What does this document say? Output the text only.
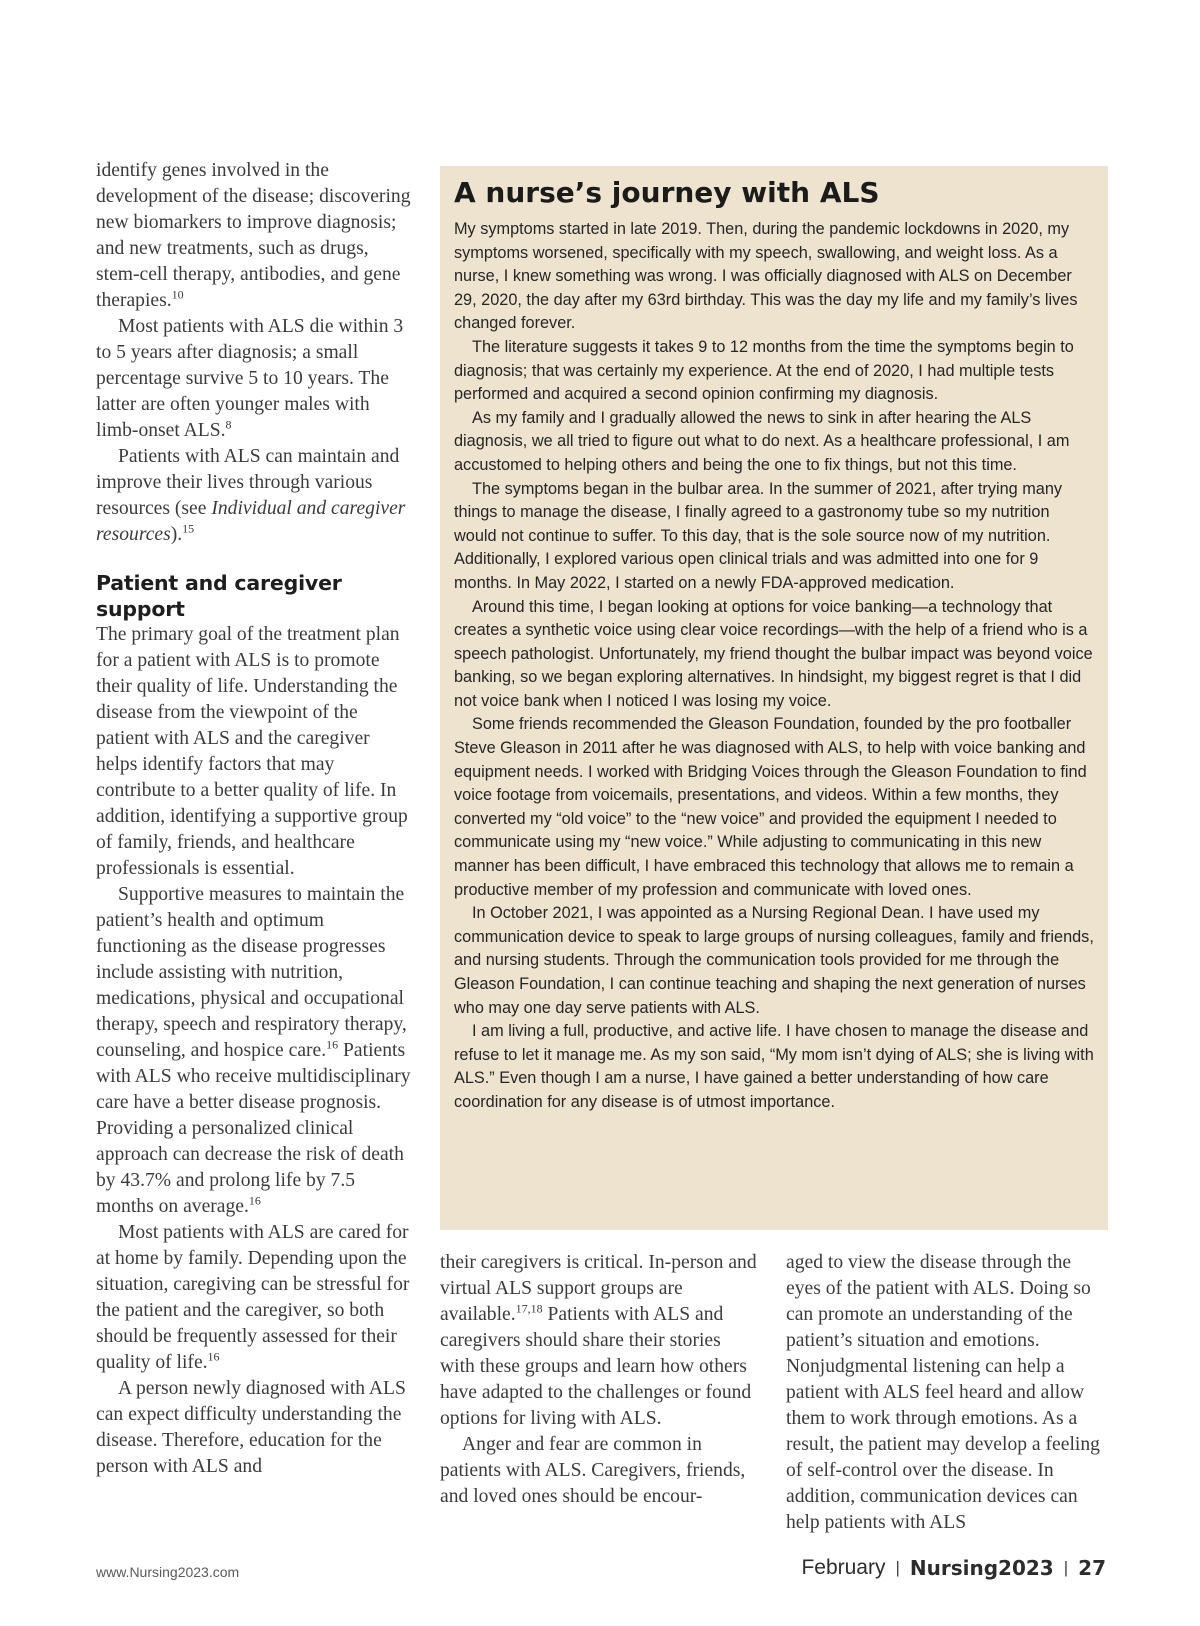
identify genes involved in the development of the disease; discovering new biomarkers to improve diagnosis; and new treatments, such as drugs, stem-cell therapy, antibodies, and gene therapies.$^{10}$

Most patients with ALS die within 3 to 5 years after diagnosis; a small percentage survive 5 to 10 years. The latter are often younger males with limb-onset ALS.$^8$

Patients with ALS can maintain and improve their lives through various resources (see Individual and caregiver resources).$^{15}$

Patient and caregiver support

The primary goal of the treatment plan for a patient with ALS is to promote their quality of life. Understanding the disease from the viewpoint of the patient with ALS and the caregiver helps identify factors that may contribute to a better quality of life. In addition, identifying a supportive group of family, friends, and healthcare professionals is essential.

Supportive measures to maintain the patient’s health and optimum functioning as the disease progresses include assisting with nutrition, medications, physical and occupational therapy, speech and respiratory therapy, counseling, and hospice care.$^{16}$ Patients with ALS who receive multidisciplinary care have a better disease prognosis. Providing a personalized clinical approach can decrease the risk of death by 43.7% and prolong life by 7.5 months on average.$^{16}$

Most patients with ALS are cared for at home by family. Depending upon the situation, caregiving can be stressful for the patient and the caregiver, so both should be frequently assessed for their quality of life.$^{16}$

A person newly diagnosed with ALS can expect difficulty understanding the disease. Therefore, education for the person with ALS and

A nurse’s journey with ALS

My symptoms started in late 2019. Then, during the pandemic lockdowns in 2020, my symptoms worsened, specifically with my speech, swallowing, and weight loss. As a nurse, I knew something was wrong. I was officially diagnosed with ALS on December 29, 2020, the day after my 63rd birthday. This was the day my life and my family’s lives changed forever.

The literature suggests it takes 9 to 12 months from the time the symptoms begin to diagnosis; that was certainly my experience. At the end of 2020, I had multiple tests performed and acquired a second opinion confirming my diagnosis.

As my family and I gradually allowed the news to sink in after hearing the ALS diagnosis, we all tried to figure out what to do next. As a healthcare professional, I am accustomed to helping others and being the one to fix things, but not this time.

The symptoms began in the bulbar area. In the summer of 2021, after trying many things to manage the disease, I finally agreed to a gastronomy tube so my nutrition would not continue to suffer. To this day, that is the sole source now of my nutrition. Additionally, I explored various open clinical trials and was admitted into one for 9 months. In May 2022, I started on a newly FDA-approved medication.

Around this time, I began looking at options for voice banking—a technology that creates a synthetic voice using clear voice recordings—with the help of a friend who is a speech pathologist. Unfortunately, my friend thought the bulbar impact was beyond voice banking, so we began exploring alternatives. In hindsight, my biggest regret is that I did not voice bank when I noticed I was losing my voice.

Some friends recommended the Gleason Foundation, founded by the pro footballer Steve Gleason in 2011 after he was diagnosed with ALS, to help with voice banking and equipment needs. I worked with Bridging Voices through the Gleason Foundation to find voice footage from voicemails, presentations, and videos. Within a few months, they converted my “old voice” to the “new voice” and provided the equipment I needed to communicate using my “new voice.” While adjusting to communicating in this new manner has been difficult, I have embraced this technology that allows me to remain a productive member of my profession and communicate with loved ones.

In October 2021, I was appointed as a Nursing Regional Dean. I have used my communication device to speak to large groups of nursing colleagues, family and friends, and nursing students. Through the communication tools provided for me through the Gleason Foundation, I can continue teaching and shaping the next generation of nurses who may one day serve patients with ALS.

I am living a full, productive, and active life. I have chosen to manage the disease and refuse to let it manage me. As my son said, “My mom isn’t dying of ALS; she is living with ALS.” Even though I am a nurse, I have gained a better understanding of how care coordination for any disease is of utmost importance.

their caregivers is critical. In-person and virtual ALS support groups are available.$^{17,18}$ Patients with ALS and caregivers should share their stories with these groups and learn how others have adapted to the challenges or found options for living with ALS.

Anger and fear are common in patients with ALS. Caregivers, friends, and loved ones should be encour-

aged to view the disease through the eyes of the patient with ALS. Doing so can promote an understanding of the patient’s situation and emotions. Nonjudgmental listening can help a patient with ALS feel heard and allow them to work through emotions. As a result, the patient may develop a feeling of self-control over the disease. In addition, communication devices can help patients with ALS

www.Nursing2023.com	February | Nursing2023 | 27
